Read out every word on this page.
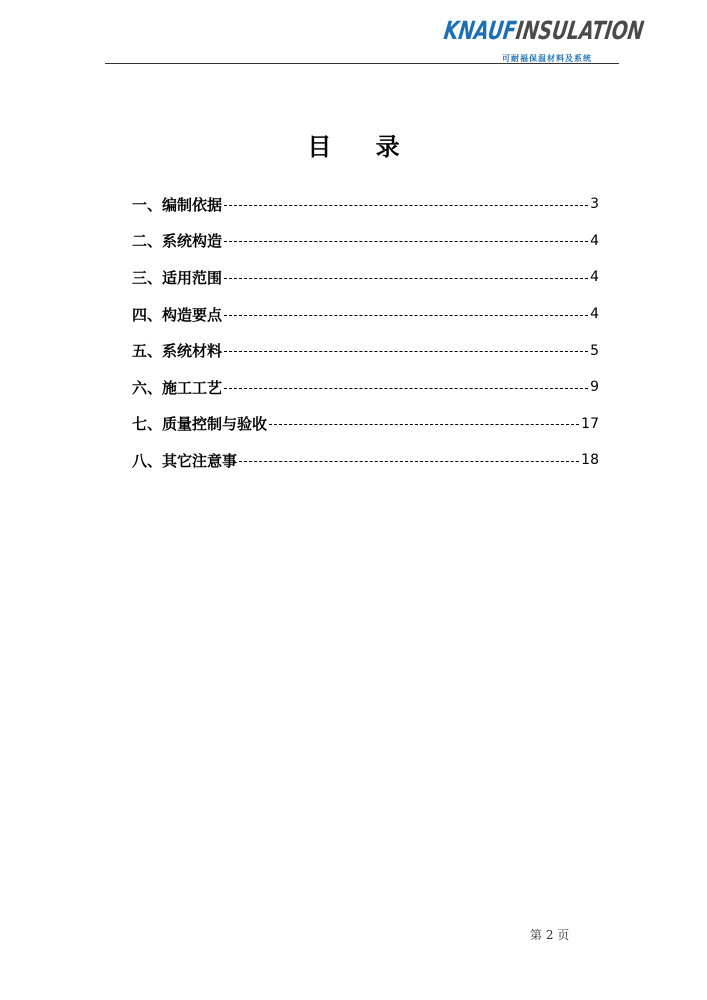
KNAUFINSULATION
可耐福保温材料及系统
目 录
一、编制依据	3
二、系统构造	4
三、适用范围	4
四、构造要点	4
五、系统材料	5
六、施工工艺	9
七、质量控制与验收	17
八、其它注意事	18
第 2 页
